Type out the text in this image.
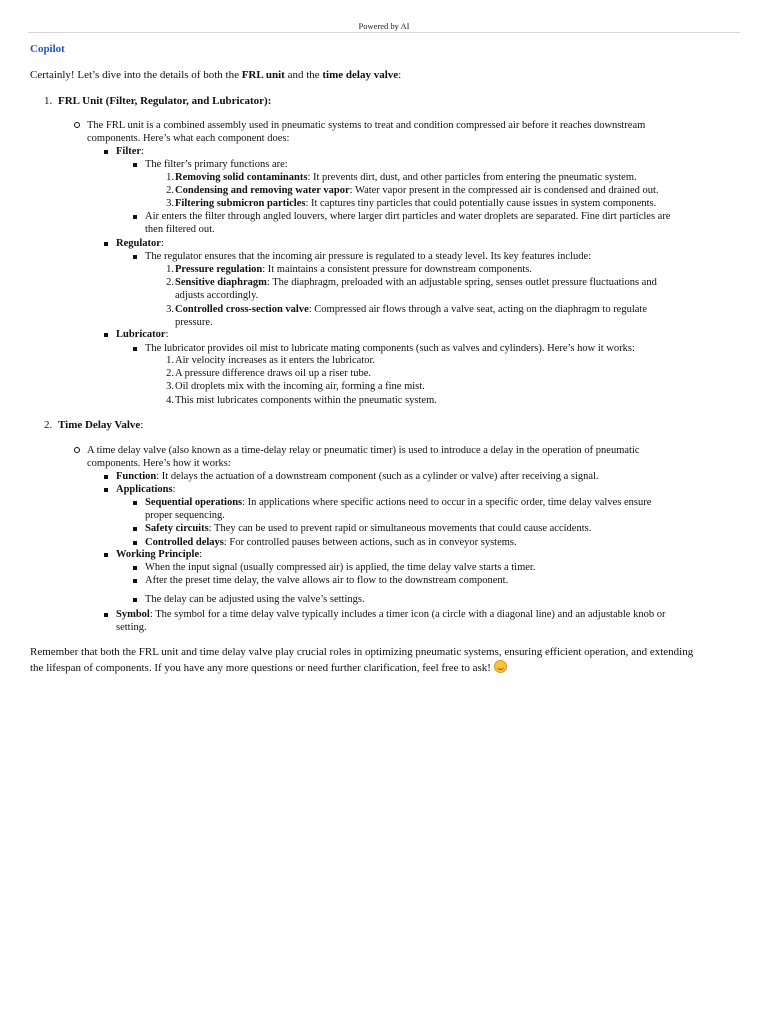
Powered by AI
Copilot
Certainly! Let’s dive into the details of both the FRL unit and the time delay valve:
1. FRL Unit (Filter, Regulator, and Lubricator):
The FRL unit is a combined assembly used in pneumatic systems to treat and condition compressed air before it reaches downstream
components. Here’s what each component does:
Filter:
The filter’s primary functions are:
1. Removing solid contaminants: It prevents dirt, dust, and other particles from entering the pneumatic system.
2. Condensing and removing water vapor: Water vapor present in the compressed air is condensed and drained out.
3. Filtering submicron particles: It captures tiny particles that could potentially cause issues in system components.
Air enters the filter through angled louvers, where larger dirt particles and water droplets are separated. Fine dirt particles are
then filtered out.
Regulator:
The regulator ensures that the incoming air pressure is regulated to a steady level. Its key features include:
1. Pressure regulation: It maintains a consistent pressure for downstream components.
2. Sensitive diaphragm: The diaphragm, preloaded with an adjustable spring, senses outlet pressure fluctuations and
adjusts accordingly.
3. Controlled cross-section valve: Compressed air flows through a valve seat, acting on the diaphragm to regulate
pressure.
Lubricator:
The lubricator provides oil mist to lubricate mating components (such as valves and cylinders). Here’s how it works:
1. Air velocity increases as it enters the lubricator.
2. A pressure difference draws oil up a riser tube.
3. Oil droplets mix with the incoming air, forming a fine mist.
4. This mist lubricates components within the pneumatic system.
2. Time Delay Valve:
A time delay valve (also known as a time-delay relay or pneumatic timer) is used to introduce a delay in the operation of pneumatic
components. Here’s how it works:
Function: It delays the actuation of a downstream component (such as a cylinder or valve) after receiving a signal.
Applications:
Sequential operations: In applications where specific actions need to occur in a specific order, time delay valves ensure
proper sequencing.
Safety circuits: They can be used to prevent rapid or simultaneous movements that could cause accidents.
Controlled delays: For controlled pauses between actions, such as in conveyor systems.
Working Principle:
When the input signal (usually compressed air) is applied, the time delay valve starts a timer.
After the preset time delay, the valve allows air to flow to the downstream component.
The delay can be adjusted using the valve’s settings.
Symbol: The symbol for a time delay valve typically includes a timer icon (a circle with a diagonal line) and an adjustable knob or
setting.
Remember that both the FRL unit and time delay valve play crucial roles in optimizing pneumatic systems, ensuring efficient operation, and extending
the lifespan of components. If you have any more questions or need further clarification, feel free to ask!
